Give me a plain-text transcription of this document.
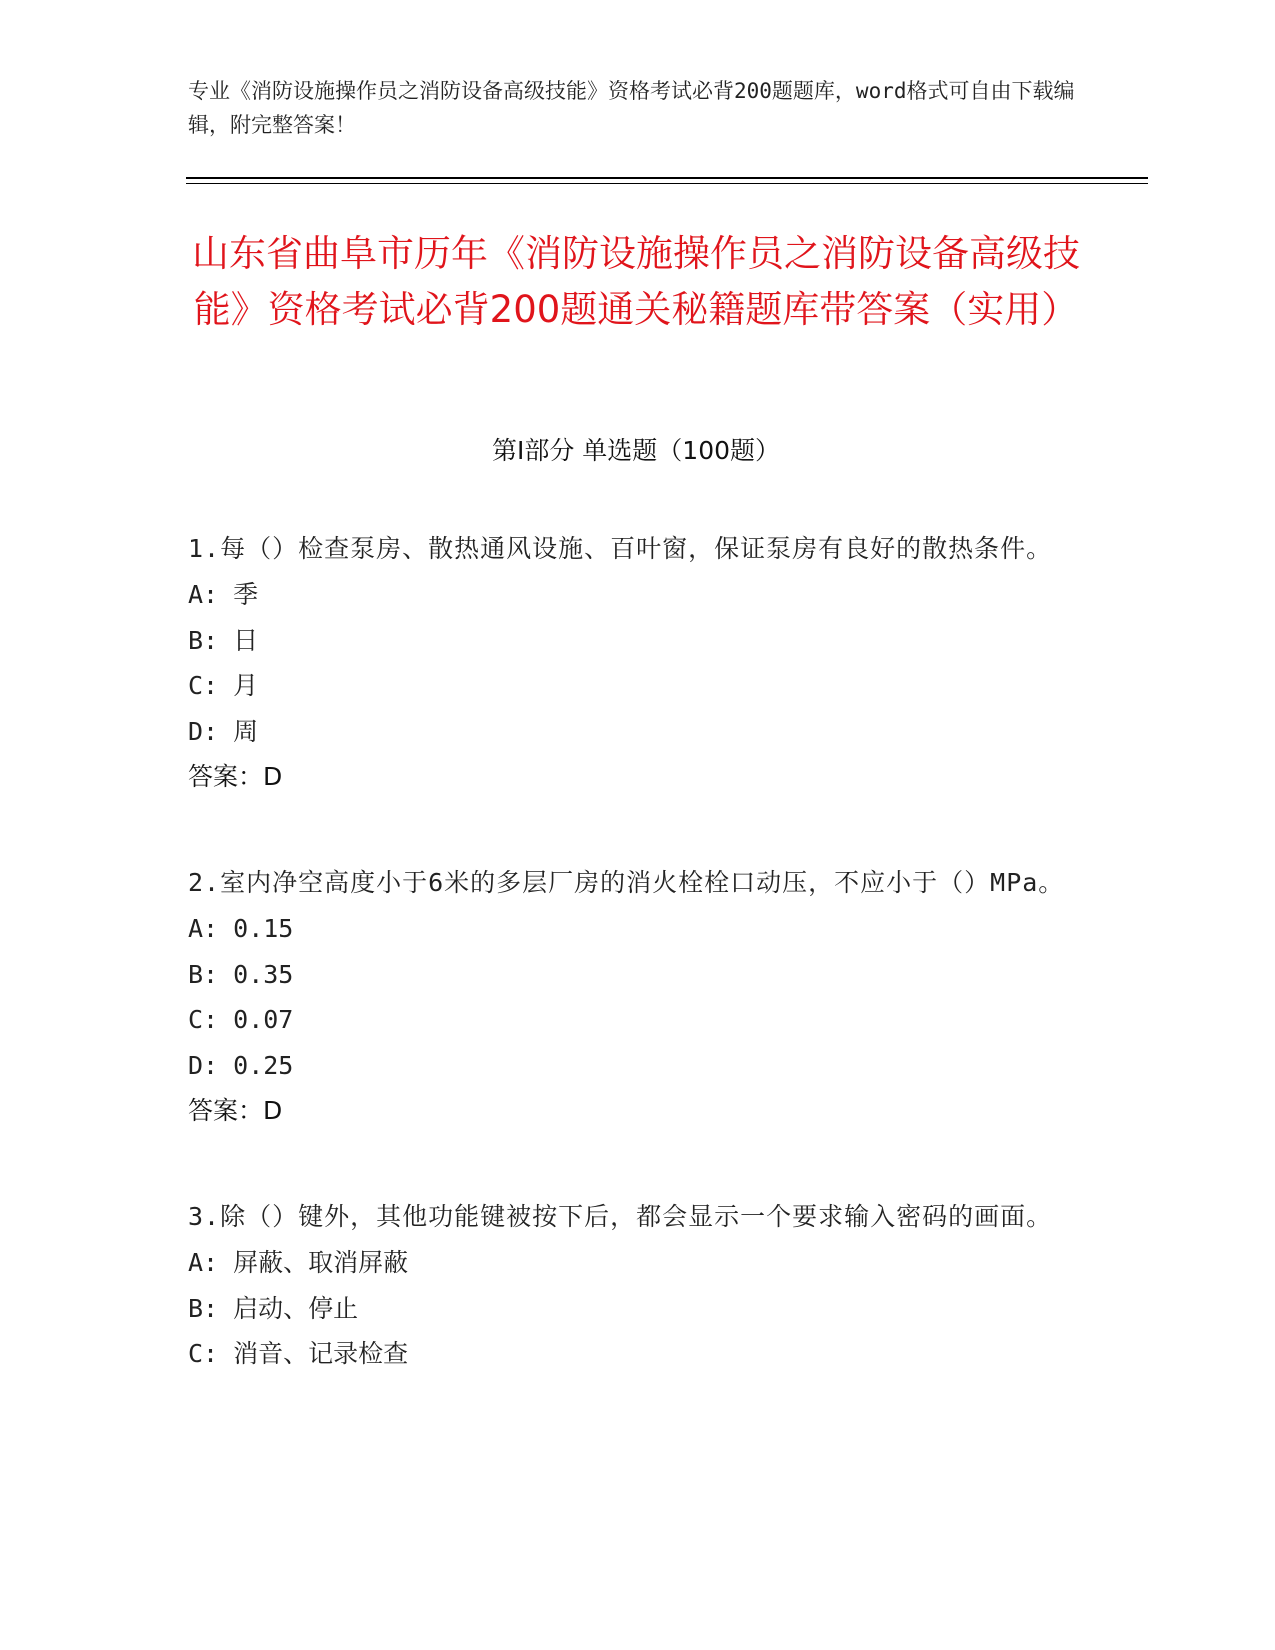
专业《消防设施操作员之消防设备高级技能》资格考试必背200题题库，word格式可自由下载编辑，附完整答案！
山东省曲阜市历年《消防设施操作员之消防设备高级技能》资格考试必背200题通关秘籍题库带答案（实用）
第Ⅰ部分 单选题（100题）
1.每（）检查泵房、散热通风设施、百叶窗，保证泵房有良好的散热条件。
A: 季
B: 日
C: 月
D: 周
答案：D
2.室内净空高度小于6米的多层厂房的消火栓栓口动压，不应小于（）MPa。
A: 0.15
B: 0.35
C: 0.07
D: 0.25
答案：D
3.除（）键外，其他功能键被按下后，都会显示一个要求输入密码的画面。
A: 屏蔽、取消屏蔽
B: 启动、停止
C: 消音、记录检查
